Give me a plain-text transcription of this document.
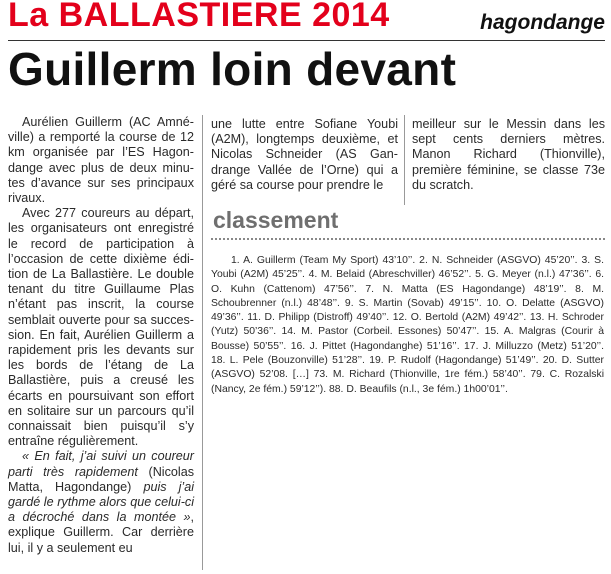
La BALLASTIERE 2014	hagondange
Guillerm loin devant

Aurélien Guillerm (AC Amnéville) a remporté la course de 12 km organisée par l’ES Hagondange avec plus de deux minutes d’avance sur ses principaux rivaux.

Avec 277 coureurs au départ, les organisateurs ont enregistré le record de participation à l’occasion de cette dixième édition de La Ballastière. Le double tenant du titre Guillaume Plas n’étant pas inscrit, la course semblait ouverte pour sa succession. En fait, Aurélien Guillerm a rapidement pris les devants sur les bords de l’étang de La Ballastière, puis a creusé les écarts en poursuivant son effort en solitaire sur un parcours qu’il connaissait bien puisqu’il s’y entraîne régulièrement.

« En fait, j’ai suivi un coureur parti très rapidement (Nicolas Matta, Hagondange) puis j’ai gardé le rythme alors que celui-ci a décroché dans la montée », explique Guillerm. Car derrière lui, il y a seulement eu

une lutte entre Sofiane Youbi (A2M), longtemps deuxième, et Nicolas Schneider (AS Gandrange Vallée de l’Orne) qui a géré sa course pour prendre le

meilleur sur le Messin dans les sept cents derniers mètres. Manon Richard (Thionville), première féminine, se classe 73e du scratch.

classement

1. A. Guillerm (Team My Sport) 43’10’’. 2. N. Schneider (ASGVO) 45’20’’. 3. S. Youbi (A2M) 45’25’’. 4. M. Belaid (Abreschviller) 46’52’’. 5. G. Meyer (n.l.) 47’36’’. 6. O. Kuhn (Cattenom) 47’56’’. 7. N. Matta (ES Hagondange) 48’19’’. 8. M. Schoubrenner (n.l.) 48’48’’. 9. S. Martin (Sovab) 49’15’’. 10. O. Delatte (ASGVO) 49’36’’. 11. D. Philipp (Distroff) 49’40’’. 12. O. Bertold (A2M) 49’42’’. 13. H. Schroder (Yutz) 50’36’’. 14. M. Pastor (Corbeil. Essones) 50’47’’. 15. A. Malgras (Courir à Bousse) 50’55’’. 16. J. Pittet (Hagondanghe) 51’16’’. 17. J. Milluzzo (Metz) 51’20’’. 18. L. Pele (Bouzonville) 51’28’’. 19. P. Rudolf (Hagondange) 51’49’’. 20. D. Sutter (ASGVO) 52’08. […] 73. M. Richard (Thionville, 1re fém.) 58’40’’. 79. C. Rozalski (Nancy, 2e fém.) 59’12’’). 88. D. Beaufils (n.l., 3e fém.) 1h00’01’’.
